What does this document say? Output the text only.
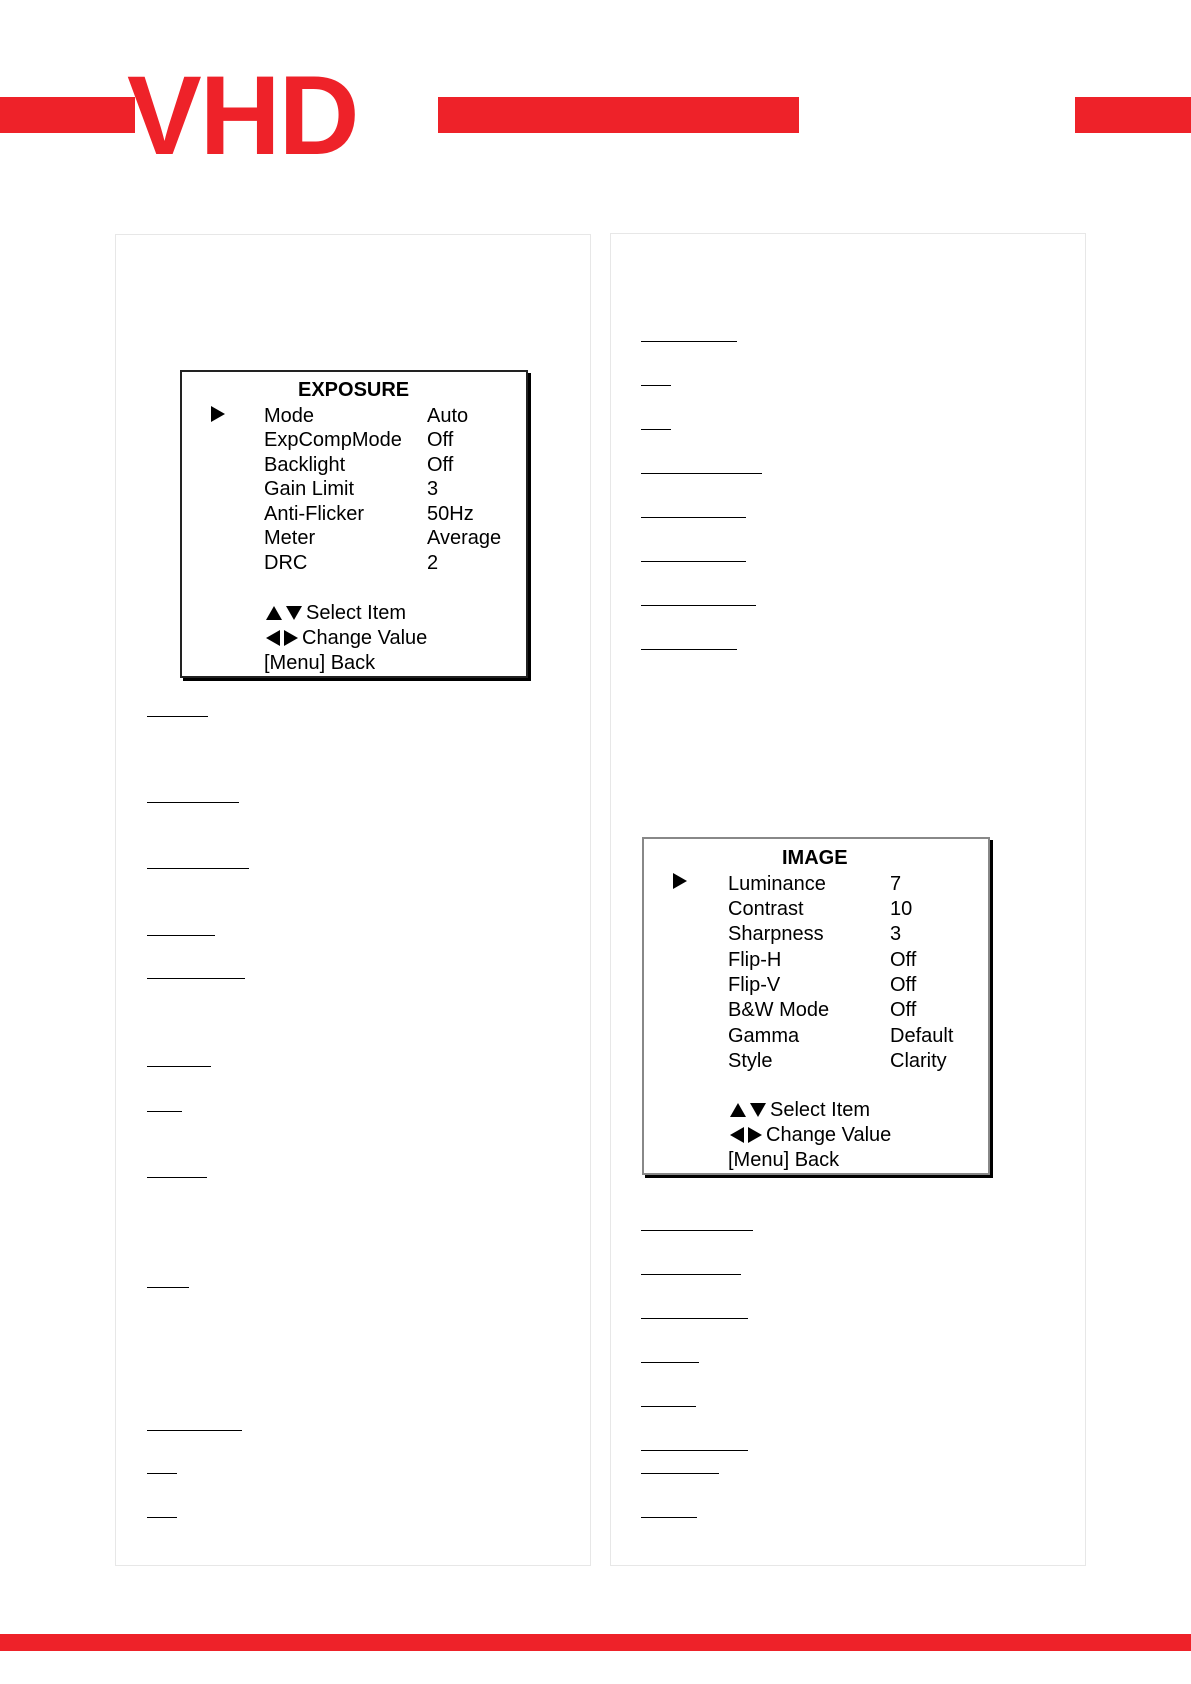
VHD
EXPOSURE
Mode	Auto
ExpCompMode Off
Backlight	Off
Gain Limit	3
Anti-Flicker	50Hz
Meter	Average
DRC	2
Select Item
Change Value
[Menu] Back
IMAGE
Luminance	7
Contrast	10
Sharpness	3
Flip-H	Off
Flip-V	Off
B&W Mode	Off
Gamma	Default
Style	Clarity
Select Item
Change Value
[Menu] Back
